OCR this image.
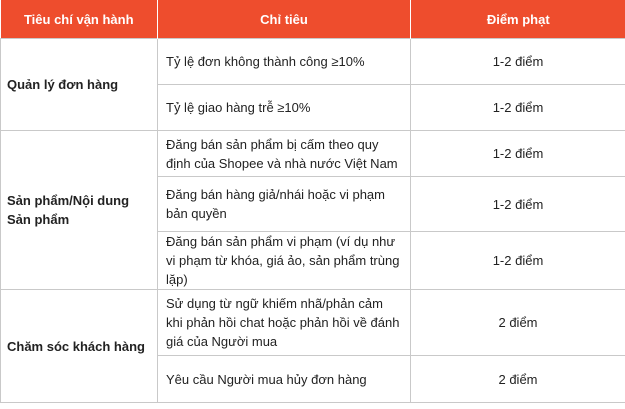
Tiêu chí vận hành	Chỉ tiêu	Điểm phạt
Quản lý đơn hàng	Tỷ lệ đơn không thành công ≥10%	1-2 điểm
	Tỷ lệ giao hàng trễ ≥10%	1-2 điểm
Sản phẩm/Nội dung Sản phẩm	Đăng bán sản phẩm bị cấm theo quy định của Shopee và nhà nước Việt Nam	1-2 điểm
	Đăng bán hàng giả/nhái hoặc vi phạm bản quyền	1-2 điểm
	Đăng bán sản phẩm vi phạm (ví dụ như vi phạm từ khóa, giá ảo, sản phẩm trùng lặp)	1-2 điểm
Chăm sóc khách hàng	Sử dụng từ ngữ khiếm nhã/phản cảm khi phản hồi chat hoặc phản hồi về đánh giá của Người mua	2 điểm
	Yêu cầu Người mua hủy đơn hàng	2 điểm
